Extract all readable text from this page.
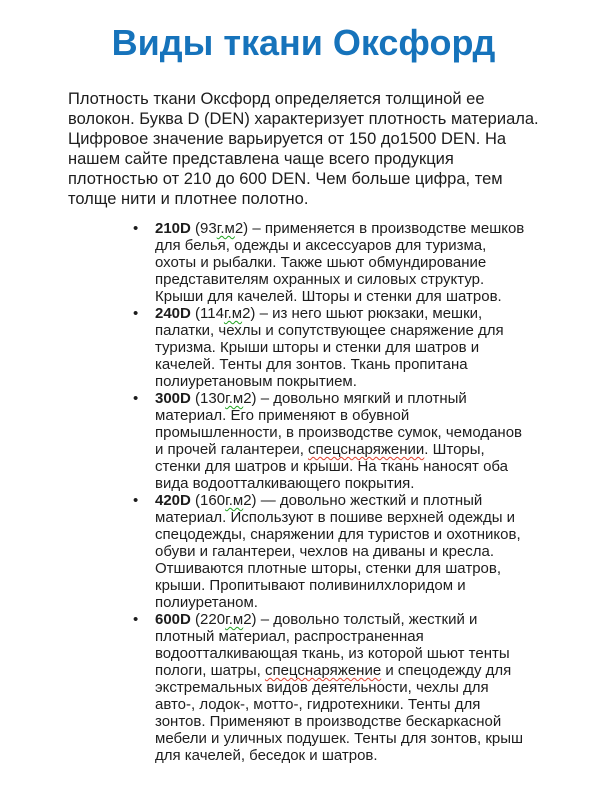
Виды ткани Оксфорд

Плотность ткани Оксфорд определяется толщиной ее волокон. Буква D (DEN) характеризует плотность материала. Цифровое значение варьируется от 150 до1500 DEN. На нашем сайте представлена чаще всего продукция плотностью от 210 до 600 DEN. Чем больше цифра, тем толще нити и плотнее полотно.

• 210D (93г.м2) – применяется в производстве мешков для белья, одежды и аксессуаров для туризма, охоты и рыбалки. Также шьют обмундирование представителям охранных и силовых структур. Крыши для качелей. Шторы и стенки для шатров.
• 240D (114г.м2) – из него шьют рюкзаки, мешки, палатки, чехлы и сопутствующее снаряжение для туризма. Крыши шторы и стенки для шатров и качелей. Тенты для зонтов. Ткань пропитана полиуретановым покрытием.
• 300D (130г.м2) – довольно мягкий и плотный материал. Его применяют в обувной промышленности, в производстве сумок, чемоданов и прочей галантереи, спецснаряжении. Шторы, стенки для шатров и крыши. На ткань наносят оба вида водоотталкивающего покрытия.
• 420D (160г.м2) — довольно жесткий и плотный материал. Используют в пошиве верхней одежды и спецодежды, снаряжении для туристов и охотников, обуви и галантереи, чехлов на диваны и кресла. Отшиваются плотные шторы, стенки для шатров, крыши. Пропитывают поливинилхлоридом и полиуретаном.
• 600D (220г.м2) – довольно толстый, жесткий и плотный материал, распространенная водоотталкивающая ткань, из которой шьют тенты пологи, шатры, спецснаряжение и спецодежду для экстремальных видов деятельности, чехлы для авто-, лодок-, мотто-, гидротехники. Тенты для зонтов. Применяют в производстве бескаркасной мебели и уличных подушек. Тенты для зонтов, крыш для качелей, беседок и шатров.
